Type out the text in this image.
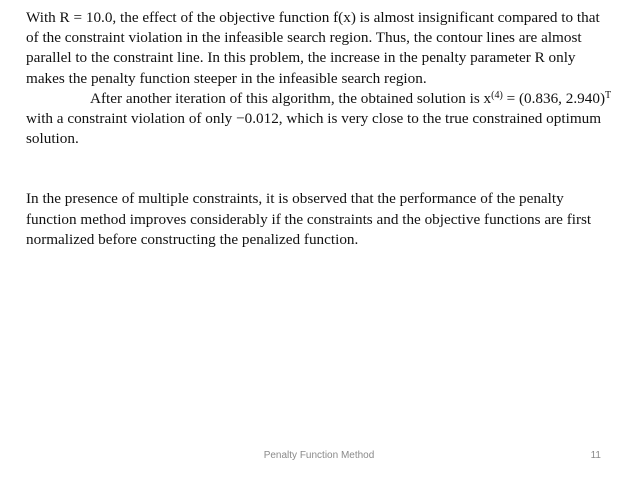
With R = 10.0, the effect of the objective function f(x) is almost insignificant compared to that of the constraint violation in the infeasible search region. Thus, the contour lines are almost parallel to the constraint line. In this problem, the increase in the penalty parameter R only makes the penalty function steeper in the infeasible search region.

After another iteration of this algorithm, the obtained solution is $x^{(4)} = (0.836$, 2.940)$^T$ with a constraint violation of only −0.012, which is very close to the true constrained optimum solution.

In the presence of multiple constraints, it is observed that the performance of the penalty function method improves considerably if the constraints and the objective functions are first normalized before constructing the penalized function.

Penalty Function Method	11
